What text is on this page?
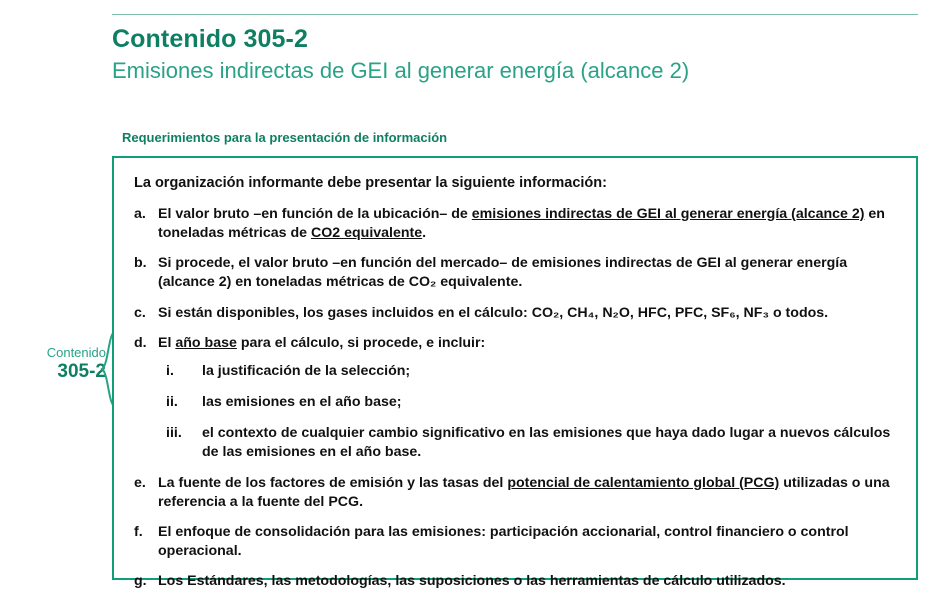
Contenido 305-2
Emisiones indirectas de GEI al generar energía (alcance 2)
Requerimientos para la presentación de información
Contenido
305-2

La organización informante debe presentar la siguiente información:

a. El valor bruto –en función de la ubicación– de emisiones indirectas de GEI al generar energía (alcance 2) en toneladas métricas de CO2 equivalente.
b. Si procede, el valor bruto –en función del mercado– de emisiones indirectas de GEI al generar energía (alcance 2) en toneladas métricas de CO₂ equivalente.
c. Si están disponibles, los gases incluidos en el cálculo: CO₂, CH₄, N₂O, HFC, PFC, SF₆, NF₃ o todos.
d. El año base para el cálculo, si procede, e incluir:
i.	la justificación de la selección;
ii.	las emisiones en el año base;
iii.	el contexto de cualquier cambio significativo en las emisiones que haya dado lugar a nuevos cálculos de las emisiones en el año base.
e. La fuente de los factores de emisión y las tasas del potencial de calentamiento global (PCG) utilizadas o una referencia a la fuente del PCG.
f.	El enfoque de consolidación para las emisiones: participación accionarial, control financiero o control operacional.
g. Los Estándares, las metodologías, las suposiciones o las herramientas de cálculo utilizados.
